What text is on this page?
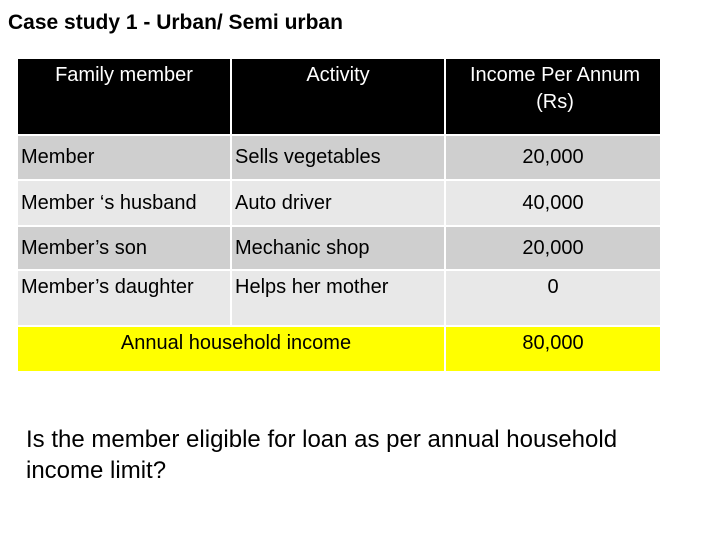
Case study 1 - Urban/ Semi urban
Family member	Activity	Income Per Annum (Rs)
Member	Sells vegetables	20,000
Member ‘s husband	Auto driver	40,000
Member’s son	Mechanic shop	20,000
Member’s daughter	Helps her mother	0
Annual household income	80,000
Is the member eligible for loan as per annual household income limit?
